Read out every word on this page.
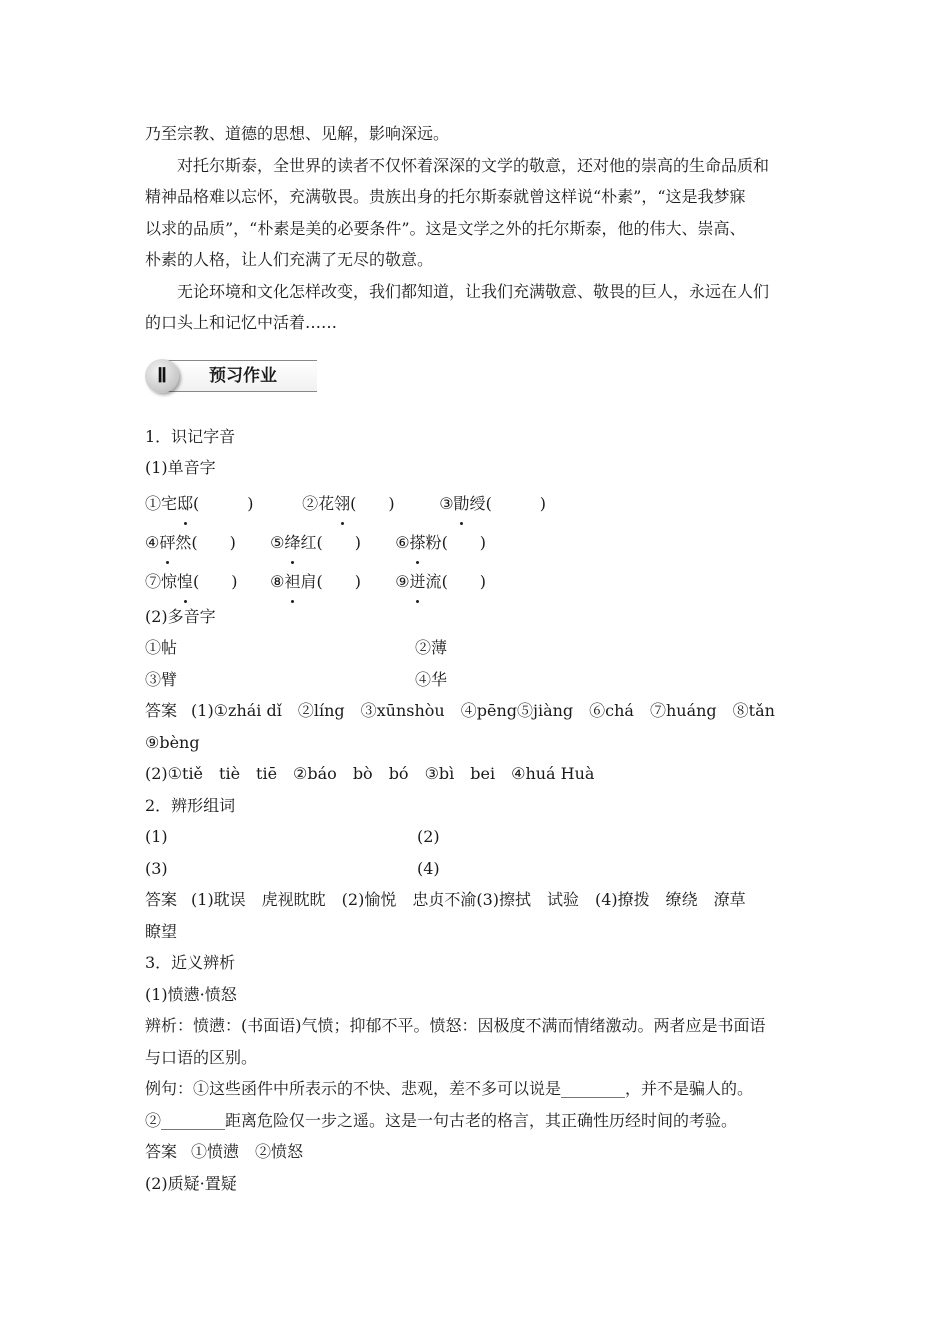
乃至宗教、道德的思想、见解，影响深远。
对托尔斯泰，全世界的读者不仅怀着深深的文学的敬意，还对他的崇高的生命品质和
精神品格难以忘怀，充满敬畏。贵族出身的托尔斯泰就曾这样说“朴素”，“这是我梦寐
以求的品质”，“朴素是美的必要条件”。这是文学之外的托尔斯泰，他的伟大、崇高、
朴素的人格，让人们充满了无尽的敬意。
无论环境和文化怎样改变，我们都知道，让我们充满敬意、敬畏的巨人，永远在人们
的口头上和记忆中活着……
Ⅱ	预习作业
1．识记字音
(1)单音字
①宅邸(　　　)	②花翎(　　)	③勖绶(　　　)
④砰然(　　) ⑤绛红(　　) ⑥搽粉(　　)
⑦惊惶(　　) ⑧袒肩(　　) ⑨迸流(　　)
(2)多音字
①帖	②薄
③臂	④华
答案 (1)①zhái dǐ　②líng　③xūnshòu　④pēng⑤jiàng　⑥chá　⑦huáng　⑧tǎn
⑨bèng
(2)①tiě　tiè　tiē　②báo　bò　bó　③bì　bei　④huá Huà
2．辨形组词
(1)	(2)
(3)	(4)
答案 (1)耽误　虎视眈眈　(2)愉悦　忠贞不渝(3)擦拭　试验　(4)撩拨　缭绕　潦草
瞭望
3．近义辨析
(1)愤懑·愤怒
辨析：愤懑：(书面语)气愤；抑郁不平。愤怒：因极度不满而情绪激动。两者应是书面语
与口语的区别。
例句：①这些函件中所表示的不快、悲观，差不多可以说是________，并不是骗人的。
②________距离危险仅一步之遥。这是一句古老的格言，其正确性历经时间的考验。
答案 ①愤懑　②愤怒
(2)质疑·置疑
